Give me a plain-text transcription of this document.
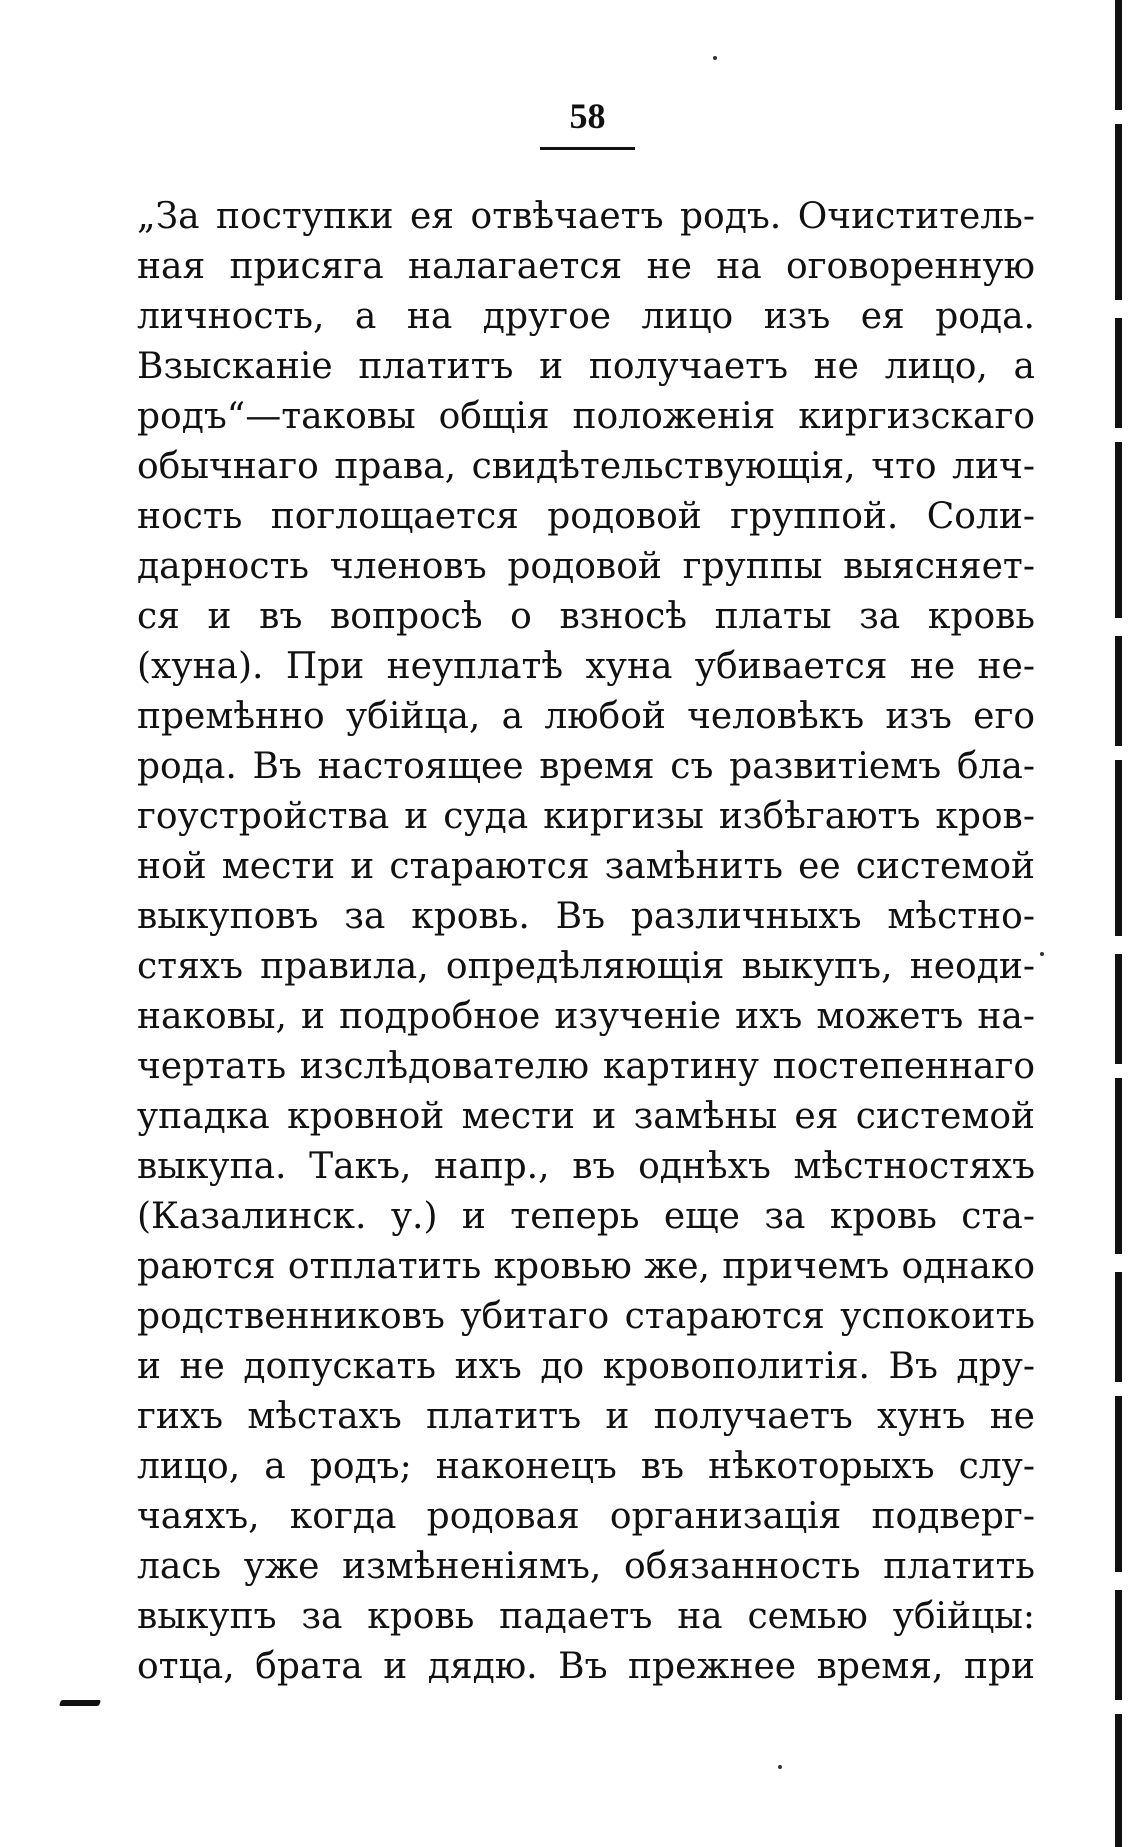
58
„За поступки ея отвѣчаетъ родъ. Очиститель-
ная присяга налагается не на оговоренную
личность, а на другое лицо изъ ея рода.
Взысканіе платитъ и получаетъ не лицо, а
родъ“—таковы общія положенія киргизскаго
обычнаго права, свидѣтельствующія, что лич-
ность поглощается родовой группой. Соли-
дарность членовъ родовой группы выясняет-
ся и въ вопросѣ о взносѣ платы за кровь
(хуна). При неуплатѣ хуна убивается не не-
премѣнно убійца, а любой человѣкъ изъ его
рода. Въ настоящее время съ развитіемъ бла-
гоустройства и суда киргизы избѣгаютъ кров-
ной мести и стараются замѣнить ее системой
выкуповъ за кровь. Въ различныхъ мѣстно-
стяхъ правила, опредѣляющія выкупъ, неоди-
наковы, и подробное изученіе ихъ можетъ на-
чертать изслѣдователю картину постепеннаго
упадка кровной мести и замѣны ея системой
выкупа. Такъ, напр., въ однѣхъ мѣстностяхъ
(Казалинск. у.) и теперь еще за кровь ста-
раются отплатить кровью же, причемъ однако
родственниковъ убитаго стараются успокоить
и не допускать ихъ до кровополитія. Въ дру-
гихъ мѣстахъ платитъ и получаетъ хунъ не
лицо, а родъ; наконецъ въ нѣкоторыхъ слу-
чаяхъ, когда родовая организація подверг-
лась уже измѣненіямъ, обязанность платить
выкупъ за кровь падаетъ на семью убійцы:
отца, брата и дядю. Въ прежнее время, при
